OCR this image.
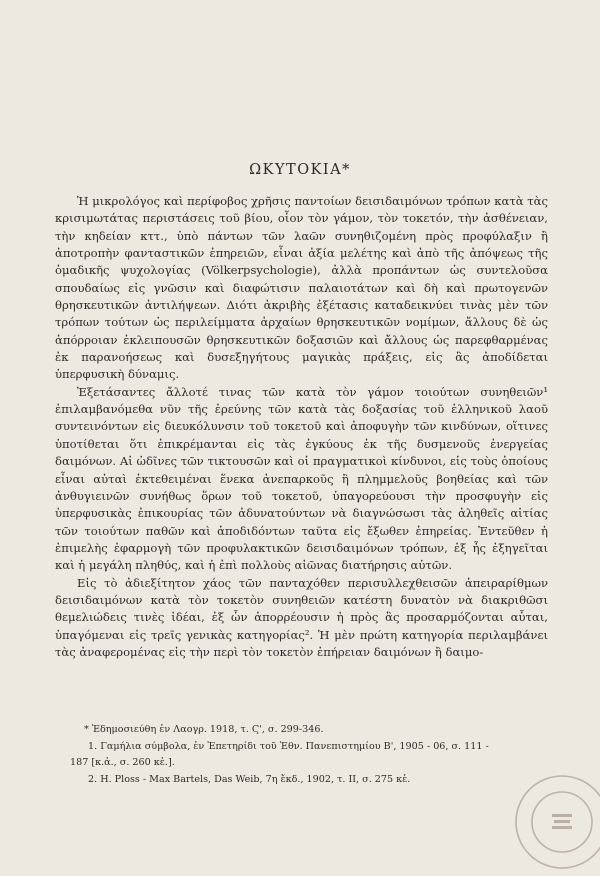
ΩΚΥΤΟΚΙΑ*

Ἡ μικρολόγος καὶ περίφοβος χρῆσις παντοίων δεισιδαιμόνων τρόπων κατὰ τὰς κρισιμωτάτας περιστάσεις τοῦ βίου, οἷον τὸν γάμον, τὸν τοκετόν, τὴν ἀσθένειαν, τὴν κηδείαν κττ., ὑπὸ πάντων τῶν λαῶν συνηθιζομένη πρὸς προφύλαξιν ἢ ἀποτροπὴν φανταστικῶν ἐπηρειῶν, εἶναι ἀξία μελέτης καὶ ἀπὸ τῆς ἀπόψεως τῆς ὁμαδικῆς ψυχολογίας (Völkerpsychologie), ἀλλὰ προπάντων ὡς συντελοῦσα σπουδαίως εἰς γνῶσιν καὶ διαφώτισιν παλαιοτάτων καὶ δὴ καὶ πρωτογενῶν θρησκευτικῶν ἀντιλήψεων. Διότι ἀκριβὴς ἐξέτασις καταδεικνύει τινὰς μὲν τῶν τρόπων τούτων ὡς περιλείμματα ἀρχαίων θρησκευτικῶν νομίμων, ἄλλους δὲ ὡς ἀπόρροιαν ἐκλειπουσῶν θρησκευτικῶν δοξασιῶν καὶ ἄλλους ὡς παρεφθαρμένας ἐκ παρανοήσεως καὶ δυσεξηγήτους μαγικὰς πράξεις, εἰς ἃς ἀποδίδεται ὑπερφυσικὴ δύναμις.

Ἐξετάσαντες ἄλλοτέ τινας τῶν κατὰ τὸν γάμον τοιούτων συνηθειῶν¹ ἐπιλαμβανόμεθα νῦν τῆς ἐρεύνης τῶν κατὰ τὰς δοξασίας τοῦ ἑλληνικοῦ λαοῦ συντεινόντων εἰς διευκόλυνσιν τοῦ τοκετοῦ καὶ ἀποφυγὴν τῶν κινδύνων, οἵτινες ὑποτίθεται ὅτι ἐπικρέμανται εἰς τὰς ἐγκύους ἐκ τῆς δυσμενοῦς ἐνεργείας δαιμόνων. Αἱ ὠδῖνες τῶν τικτουσῶν καὶ οἱ πραγματικοὶ κίνδυνοι, εἰς τοὺς ὁποίους εἶναι αὐταὶ ἐκτεθειμέναι ἕνεκα ἀνεπαρκοῦς ἢ πλημμελοῦς βοηθείας καὶ τῶν ἀνθυγιεινῶν συνήθως ὅρων τοῦ τοκετοῦ, ὑπαγορεύουσι τὴν προσφυγὴν εἰς ὑπερφυσικὰς ἐπικουρίας τῶν ἀδυνατούντων νὰ διαγνώσωσι τὰς ἀληθεῖς αἰτίας τῶν τοιούτων παθῶν καὶ ἀποδιδόντων ταῦτα εἰς ἔξωθεν ἐπηρείας. Ἐντεῦθεν ἡ ἐπιμελὴς ἐφαρμογὴ τῶν προφυλακτικῶν δεισιδαιμόνων τρόπων, ἐξ ἧς ἐξηγεῖται καὶ ἡ μεγάλη πληθύς, καὶ ἡ ἐπὶ πολλοὺς αἰῶνας διατήρησις αὐτῶν.

Εἰς τὸ ἀδιεξίτητον χάος τῶν πανταχόθεν περισυλλεχθεισῶν ἀπειραρίθμων δεισιδαιμόνων κατὰ τὸν τοκετὸν συνηθειῶν κατέστη δυνατὸν νὰ διακριθῶσι θεμελιώδεις τινὲς ἰδέαι, ἐξ ὧν ἀπορρέουσιν ἡ πρὸς ἃς προσαρμόζονται αὗται, ὑπαγόμεναι εἰς τρεῖς γενικὰς κατηγορίας². Ἡ μὲν πρώτη κατηγορία περιλαμβάνει τὰς ἀναφερομένας εἰς τὴν περὶ τὸν τοκετὸν ἐπήρειαν δαιμόνων ἢ δαιμο-

* Ἐδημοσιεύθη ἐν Λαογρ. 1918, τ. Ϛ', σ. 299-346.
1. Γαμήλια σύμβολα, ἐν Ἐπετηρίδι τοῦ Ἐθν. Πανεπιστημίου Β', 1905 - 06, σ. 111 -
187 [κ.ἀ., σ. 260 κἑ.].
2. H. Ploss - Max Bartels, Das Weib, 7η ἔκδ., 1902, τ. II, σ. 275 κἑ.
